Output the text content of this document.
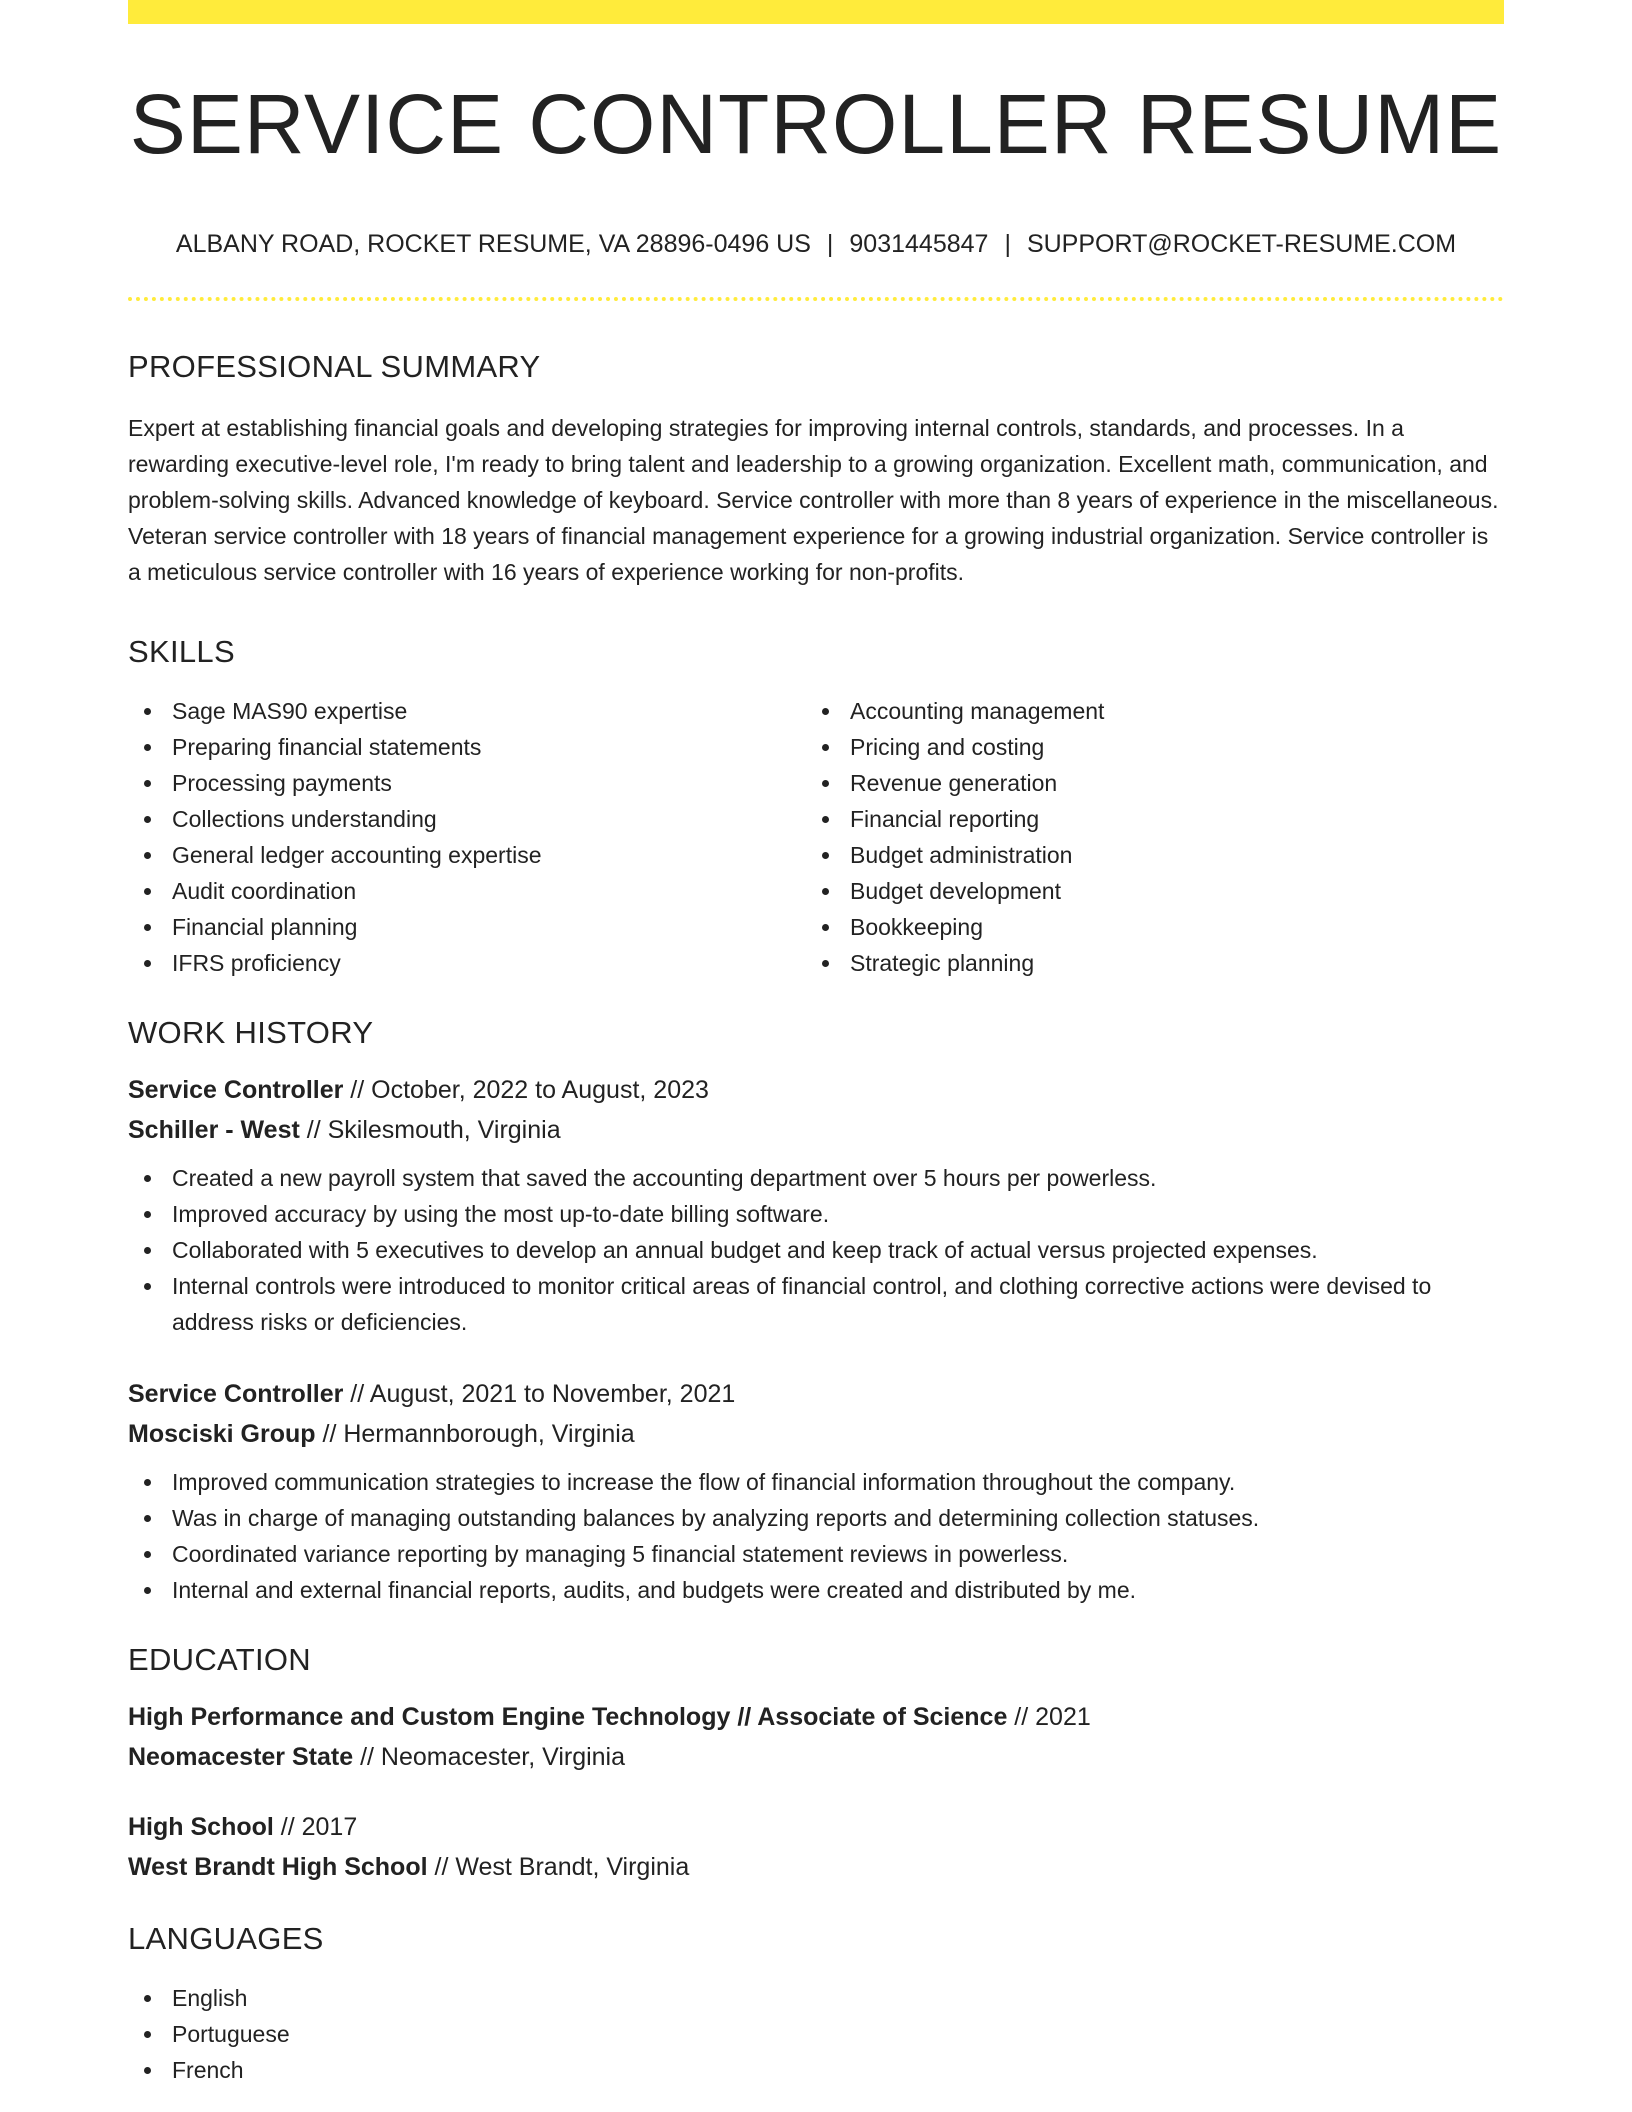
SERVICE CONTROLLER RESUME
ALBANY ROAD, ROCKET RESUME, VA 28896-0496 US | 9031445847 | SUPPORT@ROCKET-RESUME.COM
PROFESSIONAL SUMMARY

Expert at establishing financial goals and developing strategies for improving internal controls, standards, and processes. In a rewarding executive-level role, I'm ready to bring talent and leadership to a growing organization. Excellent math, communication, and problem-solving skills. Advanced knowledge of keyboard. Service controller with more than 8 years of experience in the miscellaneous. Veteran service controller with 18 years of financial management experience for a growing industrial organization. Service controller is a meticulous service controller with 16 years of experience working for non-profits.

SKILLS
Sage MAS90 expertise
Preparing financial statements
Processing payments
Collections understanding
General ledger accounting expertise
Audit coordination
Financial planning
IFRS proficiency
Accounting management
Pricing and costing
Revenue generation
Financial reporting
Budget administration
Budget development
Bookkeeping
Strategic planning
WORK HISTORY
Service Controller // October, 2022 to August, 2023
Schiller - West // Skilesmouth, Virginia
Created a new payroll system that saved the accounting department over 5 hours per powerless.
Improved accuracy by using the most up-to-date billing software.
Collaborated with 5 executives to develop an annual budget and keep track of actual versus projected expenses.
Internal controls were introduced to monitor critical areas of financial control, and clothing corrective actions were devised to address risks or deficiencies.
Service Controller // August, 2021 to November, 2021
Mosciski Group // Hermannborough, Virginia
Improved communication strategies to increase the flow of financial information throughout the company.
Was in charge of managing outstanding balances by analyzing reports and determining collection statuses.
Coordinated variance reporting by managing 5 financial statement reviews in powerless.
Internal and external financial reports, audits, and budgets were created and distributed by me.
EDUCATION
High Performance and Custom Engine Technology // Associate of Science // 2021
Neomacester State // Neomacester, Virginia
High School // 2017
West Brandt High School // West Brandt, Virginia
LANGUAGES
English
Portuguese
French
